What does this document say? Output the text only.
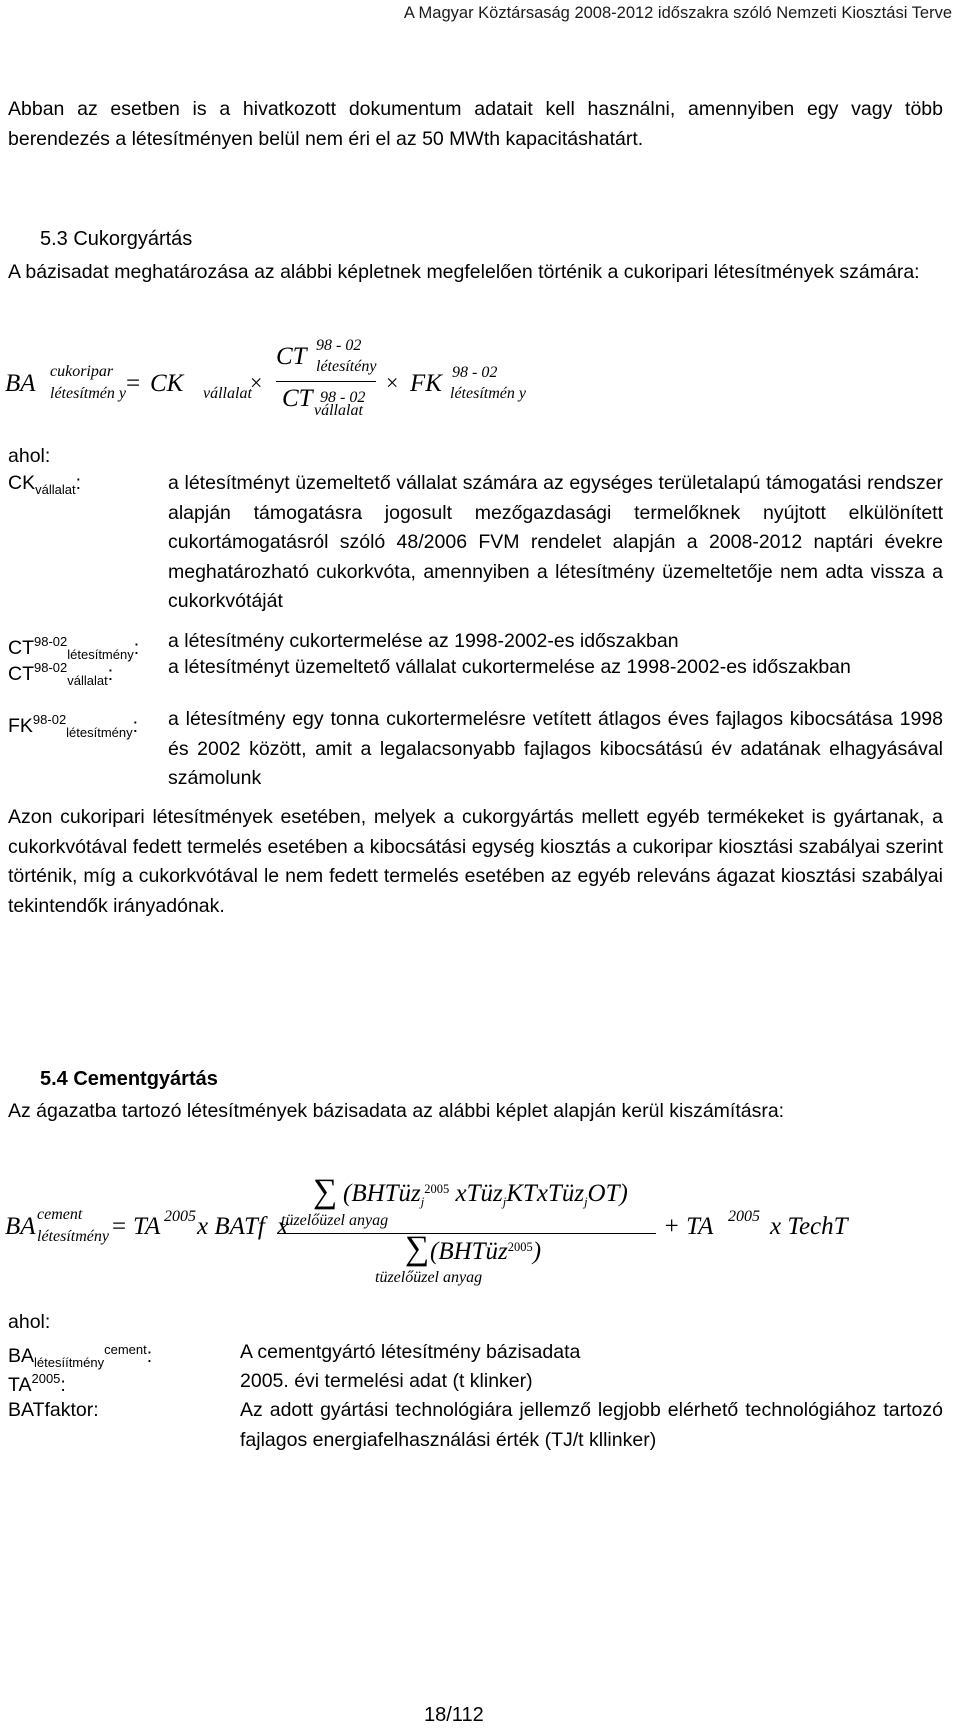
A Magyar Köztársaság 2008-2012 időszakra szóló Nemzeti Kiosztási Terve

Abban az esetben is a hivatkozott dokumentum adatait kell használni, amennyiben egy vagy több berendezés a létesítményen belül nem éri el az 50 MWth kapacitáshatárt.

5.3 Cukorgyártás

A bázisadat meghatározása az alábbi képletnek megfelelően történik a cukoripari létesítmények számára:

BA cukoripar
létesítmén y = CK vállalat
×
CT 98 - 02
létesítény
CT 98 - 02
vállalat
× FK 98 - 02
létesítmén y
ahol:
$CK_{vállalat}$:	a létesítményt üzemeltető vállalat számára az egységes területalapú támogatási rendszer alapján támogatásra jogosult mezőgazdasági termelőknek nyújtott elkülönített cukortámogatásról szóló 48/2006 FVM rendelet alapján a 2008-2012 naptári évekre meghatározható cukorkvóta, amennyiben a létesítmény üzemeltetője nem adta vissza a cukorkvótáját
$CT^{98-02}_{létesítmény}$: a létesítmény cukortermelése az 1998-2002-es időszakban
$CT^{98-02}_{vállalat}$:	a létesítményt üzemeltető vállalat cukortermelése az 1998-2002-es időszakban
$FK^{98-02}_{létesítmény}$: a létesítmény egy tonna cukortermelésre vetített átlagos éves fajlagos kibocsátása 1998 és 2002 között, amit a legalacsonyabb fajlagos kibocsátású év adatának elhagyásával számolunk

Azon cukoripari létesítmények esetében, melyek a cukorgyártás mellett egyéb termékeket is gyártanak, a cukorkvótával fedett termelés esetében a kibocsátási egység kiosztás a cukoripar kiosztási szabályai szerint történik, míg a cukorkvótával le nem fedett termelés esetében az egyéb releváns ágazat kiosztási szabályai tekintendők irányadónak.

5.4 Cementgyártás

Az ágazatba tartozó létesítmények bázisadata az alábbi képlet alapján kerül kiszámításra:

BA cement
létesítmény = TA 2005 x BATf  x
∑ (BHTüz$_j^{2005}$ xTüz$_j$KTxTüz$_j$OT)
tüzelőüzel anyag
∑ (BHTüz$^{2005}$)
tüzelőüzel anyag
+ TA 2005 x TechT
ahol:
$BA_{létesíítmény}^{cement}$:	A cementgyártó létesítmény bázisadata
$TA^{2005}$:	2005. évi termelési adat (t klinker)
BATfaktor:	Az adott gyártási technológiára jellemző legjobb elérhető technológiához tartozó fajlagos energiafelhasználási érték (TJ/t kllinker)
18/112
